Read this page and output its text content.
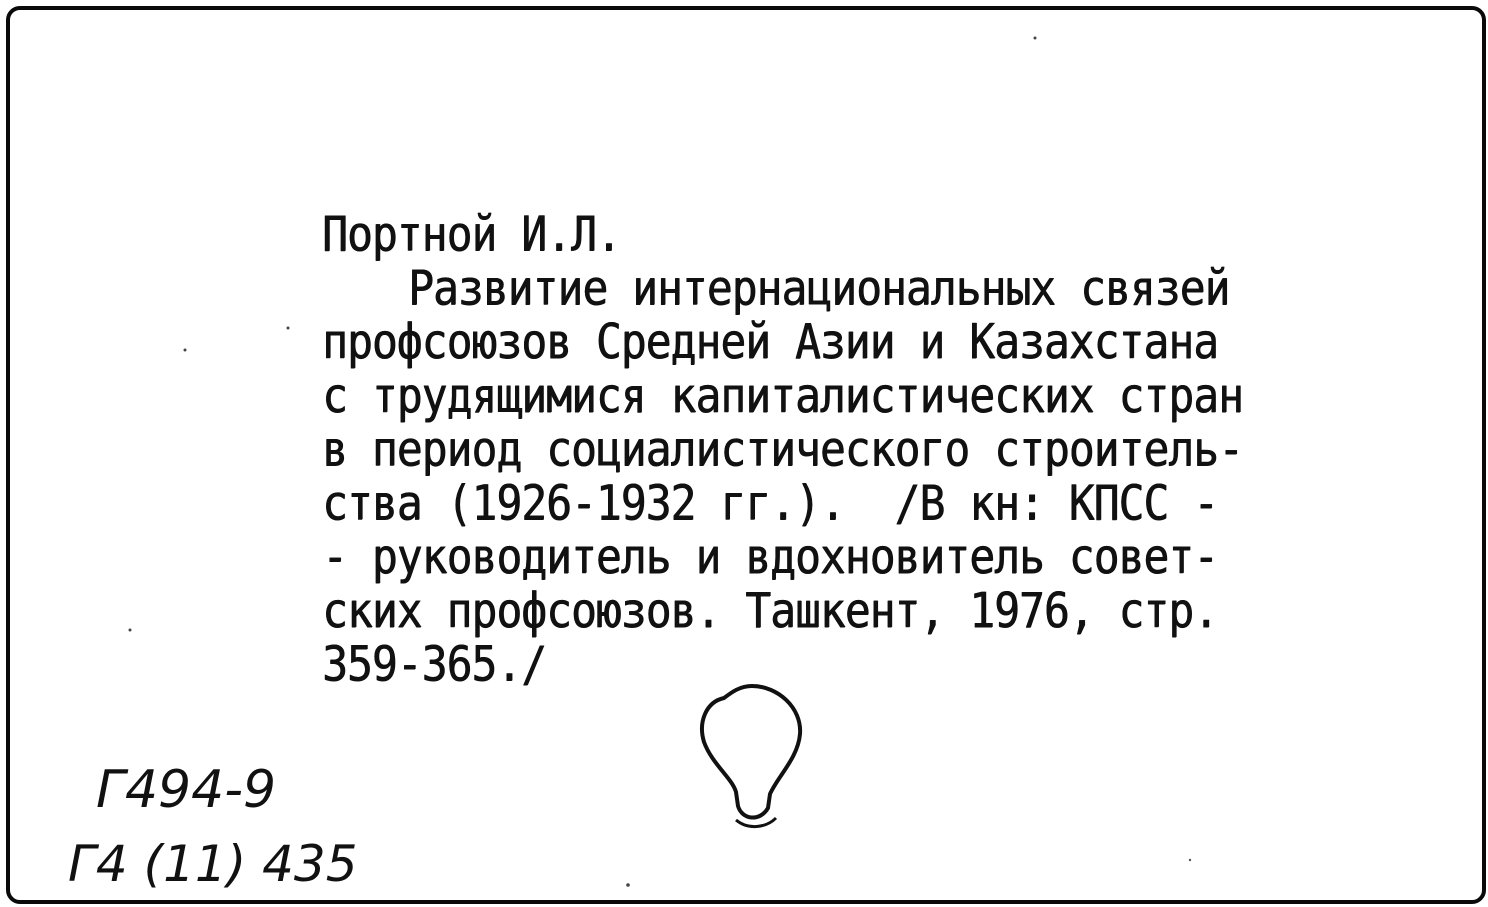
Портной И.Л.
Развитие интернациональных связей
профсоюзов Средней Азии и Казахстана
с трудящимися капиталистических стран
в период социалистического строитель-
ства (1926-1932 гг.).  /В кн: КПСС -
- руководитель и вдохновитель совет-
ских профсоюзов. Ташкент, 1976, стр.
359-365./
Г494-9
Г4 (11) 435
